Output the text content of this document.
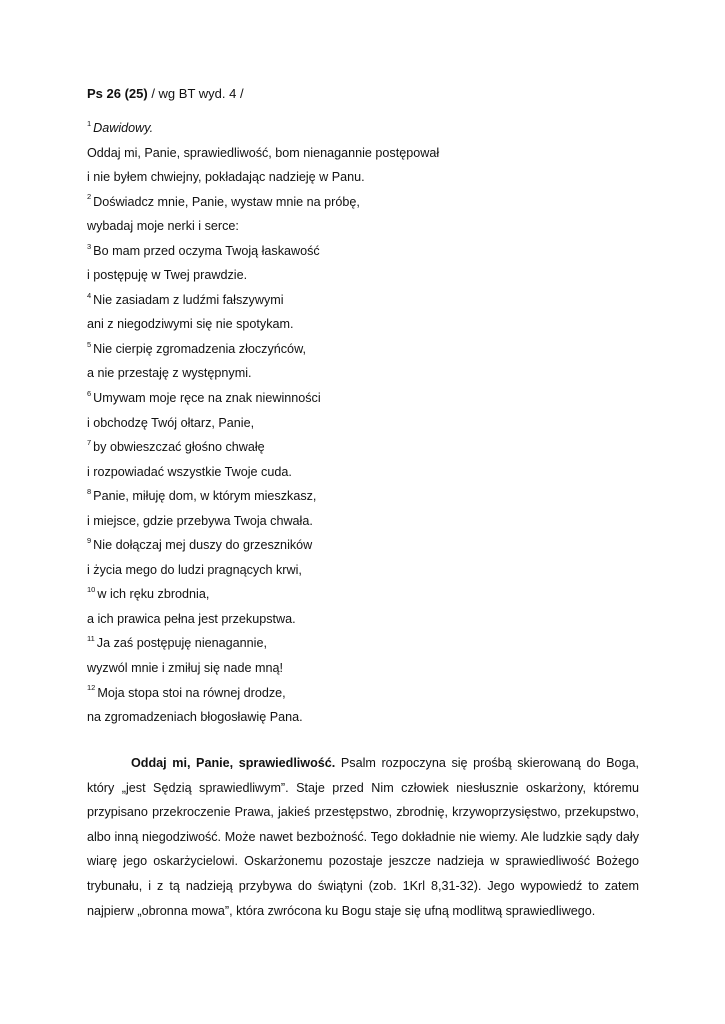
Ps 26 (25) / wg BT wyd. 4 /
$^1$ Dawidowy.
Oddaj mi, Panie, sprawiedliwość, bom nienagannie postępował
i nie byłem chwiejny, pokładając nadzieję w Panu.
$^2$ Doświadcz mnie, Panie, wystaw mnie na próbę,
wybadaj moje nerki i serce:
$^3$ Bo mam przed oczyma Twoją łaskawość
i postępuję w Twej prawdzie.
$^4$ Nie zasiadam z ludźmi fałszywymi
ani z niegodziwymi się nie spotykam.
$^5$ Nie cierpię zgromadzenia złoczyńców,
a nie przestaję z występnymi.
$^6$ Umywam moje ręce na znak niewinności
i obchodzę Twój ołtarz, Panie,
$^7$ by obwieszczać głośno chwałę
i rozpowiadać wszystkie Twoje cuda.
$^8$ Panie, miłuję dom, w którym mieszkasz,
i miejsce, gdzie przebywa Twoja chwała.
$^9$ Nie dołączaj mej duszy do grzeszników
i życia mego do ludzi pragnących krwi,
$^{10}$ w ich ręku zbrodnia,
a ich prawica pełna jest przekupstwa.
$^{11}$ Ja zaś postępuję nienagannie,
wyzwól mnie i zmiłuj się nade mną!
$^{12}$ Moja stopa stoi na równej drodze,
na zgromadzeniach błogosławię Pana.

Oddaj mi, Panie, sprawiedliwość. Psalm rozpoczyna się prośbą skierowaną do Boga, który „jest Sędzią sprawiedliwym”. Staje przed Nim człowiek niesłusznie oskarżony, któremu przypisano przekroczenie Prawa, jakieś przestępstwo, zbrodnię, krzywoprzysięstwo, przekupstwo, albo inną niegodziwość. Może nawet bezbożność. Tego dokładnie nie wiemy. Ale ludzkie sądy dały wiarę jego oskarżycielowi. Oskarżonemu pozostaje jeszcze nadzieja w sprawiedliwość Bożego trybunału, i z tą nadzieją przybywa do świątyni (zob. 1Krl 8,31-32). Jego wypowiedź to zatem najpierw „obronna mowa”, która zwrócona ku Bogu staje się ufną modlitwą sprawiedliwego.
